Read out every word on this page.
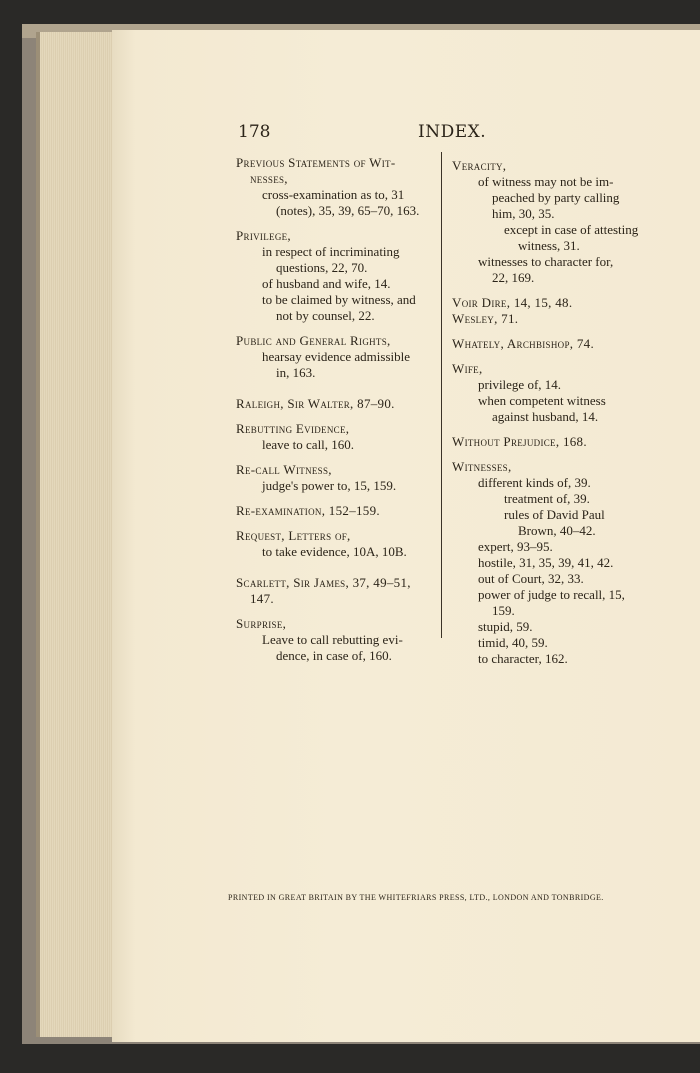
178	INDEX.
Previous Statements of Wit-
nesses,
cross-examination as to, 31
(notes), 35, 39, 65–70, 163.
Privilege,
in respect of incriminating
questions, 22, 70.
of husband and wife, 14.
to be claimed by witness, and
not by counsel, 22.
Public and General Rights,
hearsay evidence admissible
in, 163.
Raleigh, Sir Walter, 87–90.
Rebutting Evidence,
leave to call, 160.
Re-call Witness,
judge's power to, 15, 159.
Re-examination, 152–159.
Request, Letters of,
to take evidence, 10A, 10B.
Scarlett, Sir James, 37, 49–51,
147.
Surprise,
Leave to call rebutting evi-
dence, in case of, 160.
Veracity,
of witness may not be im-
peached by party calling
him, 30, 35.
except in case of attesting
witness, 31.
witnesses to character for,
22, 169.
Voir Dire, 14, 15, 48.
Wesley, 71.
Whately, Archbishop, 74.
Wife,
privilege of, 14.
when competent witness
against husband, 14.
Without Prejudice, 168.
Witnesses,
different kinds of, 39.
treatment of, 39.
rules of David Paul
Brown, 40–42.
expert, 93–95.
hostile, 31, 35, 39, 41, 42.
out of Court, 32, 33.
power of judge to recall, 15,
159.
stupid, 59.
timid, 40, 59.
to character, 162.
PRINTED IN GREAT BRITAIN BY THE WHITEFRIARS PRESS, LTD., LONDON AND TONBRIDGE.
